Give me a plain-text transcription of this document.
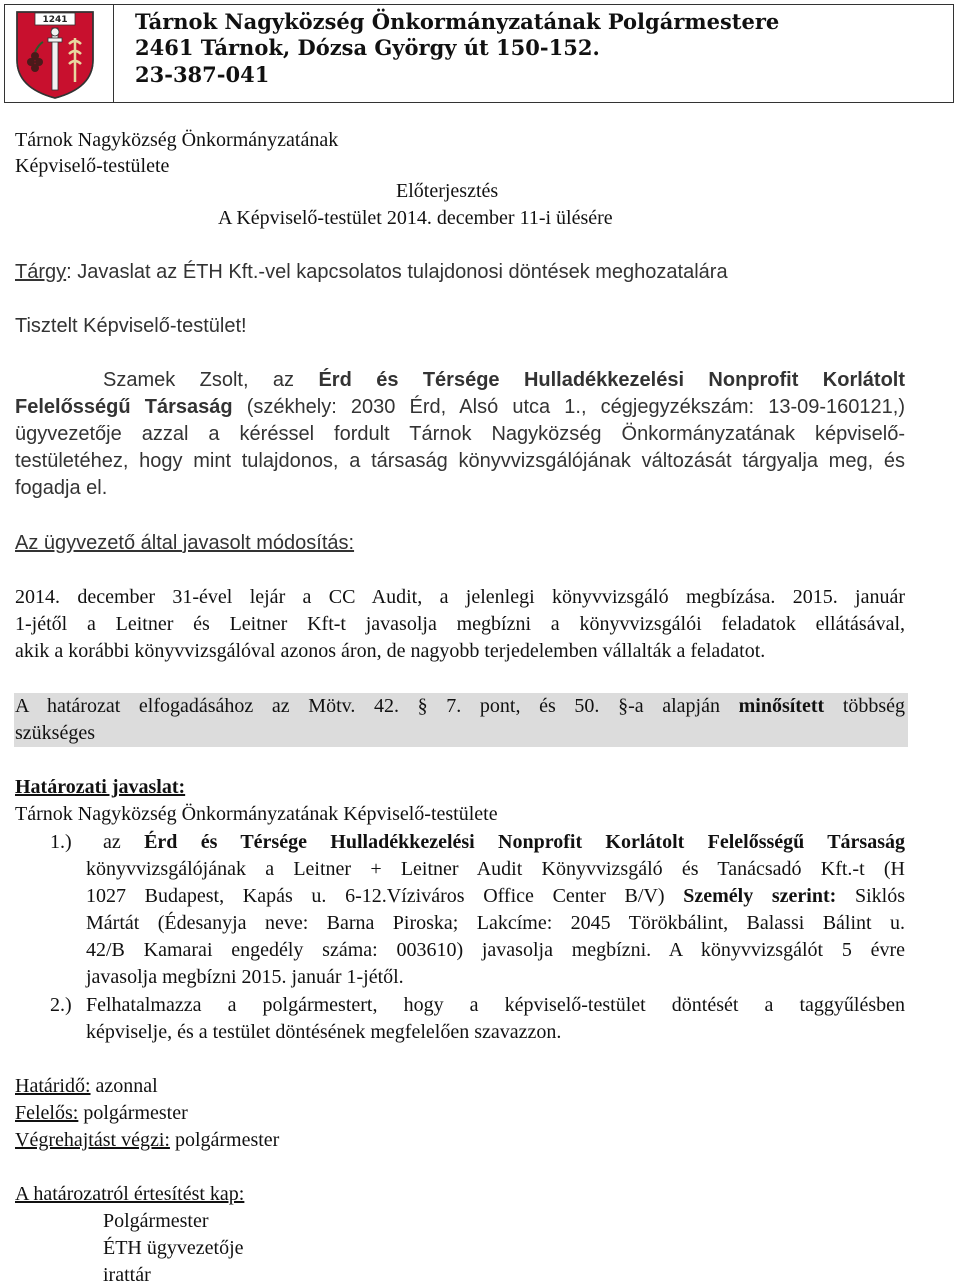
1241	Tárnok Nagyközség Önkormányzatának Polgármestere
2461 Tárnok, Dózsa György út 150-152.
23-387-041
Tárnok Nagyközség Önkormányzatának
Képviselő-testülete
Előterjesztés
A Képviselő-testület 2014. december 11-i ülésére
Tárgy: Javaslat az ÉTH Kft.-vel kapcsolatos tulajdonosi döntések meghozatalára
Tisztelt Képviselő-testület!
Szamek Zsolt, az Érd és Térsége Hulladékkezelési Nonprofit Korlátolt
Felelősségű Társaság (székhely: 2030 Érd, Alsó utca 1., cégjegyzékszám: 13-09-160121,)
ügyvezetője azzal a kéréssel fordult Tárnok Nagyközség Önkormányzatának képviselő-
testületéhez, hogy mint tulajdonos, a társaság könyvvizsgálójának változását tárgyalja meg, és
fogadja el.
Az ügyvezető által javasolt módosítás:
2014. december 31-ével lejár a CC Audit, a jelenlegi könyvvizsgáló megbízása. 2015. január
1-jétől a Leitner és Leitner Kft-t javasolja megbízni a könyvvizsgálói feladatok ellátásával,
akik a korábbi könyvvizsgálóval azonos áron, de nagyobb terjedelemben vállalták a feladatot.
A határozat elfogadásához az Mötv. 42. § 7. pont, és 50. §-a alapján minősített többség
szükséges
Határozati javaslat:
Tárnok Nagyközség Önkormányzatának Képviselő-testülete
1.) az Érd és Térsége Hulladékkezelési Nonprofit Korlátolt Felelősségű Társaság
könyvvizsgálójának a Leitner + Leitner Audit Könyvvizsgáló és Tanácsadó Kft.-t (H
1027 Budapest, Kapás u. 6-12.Víziváros Office Center B/V) Személy szerint: Siklós
Mártát (Édesanyja neve: Barna Piroska; Lakcíme: 2045 Törökbálint, Balassi Bálint u.
42/B Kamarai engedély száma: 003610) javasolja megbízni. A könyvvizsgálót 5 évre
javasolja megbízni 2015. január 1-jétől.
2.) Felhatalmazza a polgármestert, hogy a képviselő-testület döntését a taggyűlésben
képviselje, és a testület döntésének megfelelően szavazzon.
Határidő: azonnal
Felelős: polgármester
Végrehajtást végzi: polgármester
A határozatról értesítést kap:
Polgármester
ÉTH ügyvezetője
irattár
